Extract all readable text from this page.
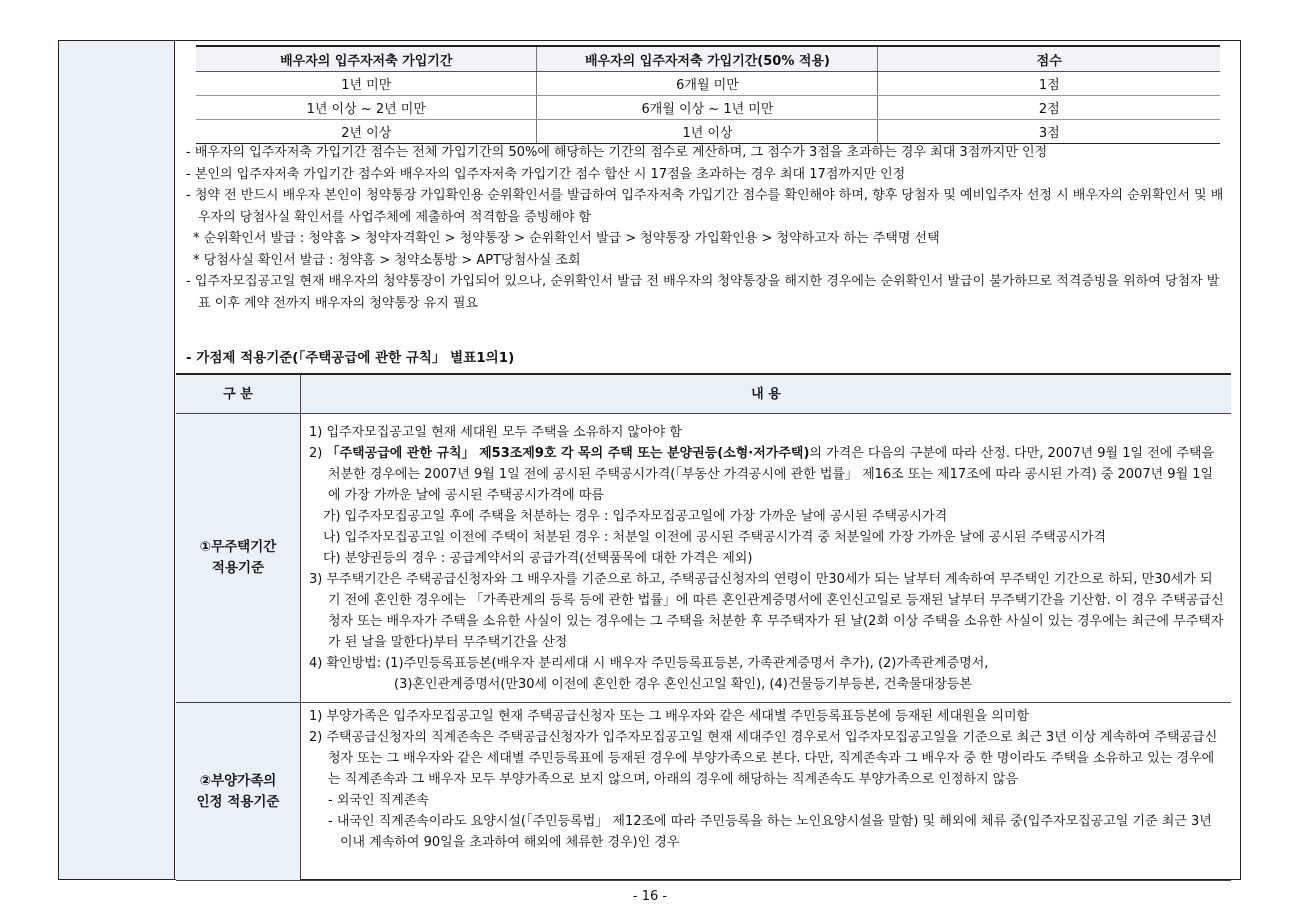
배우자의 입주자저축 가입기간	배우자의 입주자저축 가입기간(50% 적용)	점수
1년 미만	6개월 미만	1점
1년 이상 ~ 2년 미만	6개월 이상 ~ 1년 미만	2점
2년 이상	1년 이상	3점
- 배우자의 입주자저축 가입기간 점수는 전체 가입기간의 50%에 해당하는 기간의 점수로 계산하며, 그 점수가 3점을 초과하는 경우 최대 3점까지만 인정
- 본인의 입주자저축 가입기간 점수와 배우자의 입주자저축 가입기간 점수 합산 시 17점을 초과하는 경우 최대 17점까지만 인정
- 청약 전 반드시 배우자 본인이 청약통장 가입확인용 순위확인서를 발급하여 입주자저축 가입기간 점수를 확인해야 하며, 향후 당첨자 및 예비입주자 선정 시 배우자의 순위확인서 및 배우자의 당첨사실 확인서를 사업주체에 제출하여 적격함을 증빙해야 함
* 순위확인서 발급 : 청약홈 > 청약자격확인 > 청약통장 > 순위확인서 발급 > 청약통장 가입확인용 > 청약하고자 하는 주택명 선택
* 당첨사실 확인서 발급 : 청약홈 > 청약소통방 > APT당첨사실 조회
- 입주자모집공고일 현재 배우자의 청약통장이 가입되어 있으나, 순위확인서 발급 전 배우자의 청약통장을 해지한 경우에는 순위확인서 발급이 불가하므로 적격증빙을 위하여 당첨자 발표 이후 계약 전까지 배우자의 청약통장 유지 필요
- 가점제 적용기준(「주택공급에 관한 규칙」 별표1의1)
구 분	내 용
①무주택기간 적용기준

1) 입주자모집공고일 현재 세대원 모두 주택을 소유하지 않아야 함

2) 「주택공급에 관한 규칙」 제53조제9호 각 목의 주택 또는 분양권등(소형·저가주택)의 가격은 다음의 구분에 따라 산정. 다만, 2007년 9월 1일 전에 주택을 처분한 경우에는 2007년 9월 1일 전에 공시된 주택공시가격(「부동산 가격공시에 관한 법률」 제16조 또는 제17조에 따라 공시된 가격) 중 2007년 9월 1일에 가장 가까운 날에 공시된 주택공시가격에 따름

가) 입주자모집공고일 후에 주택을 처분하는 경우 : 입주자모집공고일에 가장 가까운 날에 공시된 주택공시가격

나) 입주자모집공고일 이전에 주택이 처분된 경우 : 처분일 이전에 공시된 주택공시가격 중 처분일에 가장 가까운 날에 공시된 주택공시가격

다) 분양권등의 경우 : 공급계약서의 공급가격(선택품목에 대한 가격은 제외)

3) 무주택기간은 주택공급신청자와 그 배우자를 기준으로 하고, 주택공급신청자의 연령이 만30세가 되는 날부터 계속하여 무주택인 기간으로 하되, 만30세가 되기 전에 혼인한 경우에는 「가족관계의 등록 등에 관한 법률」에 따른 혼인관계증명서에 혼인신고일로 등재된 날부터 무주택기간을 기산함. 이 경우 주택공급신청자 또는 배우자가 주택을 소유한 사실이 있는 경우에는 그 주택을 처분한 후 무주택자가 된 날(2회 이상 주택을 소유한 사실이 있는 경우에는 최근에 무주택자가 된 날을 말한다)부터 무주택기간을 산정

4) 확인방법: (1)주민등록표등본(배우자 분리세대 시 배우자 주민등록표등본, 가족관계증명서 추가), (2)가족관계증명서,

(3)혼인관계증명서(만30세 이전에 혼인한 경우 혼인신고일 확인), (4)건물등기부등본, 건축물대장등본

②부양가족의 인정 적용기준

1) 부양가족은 입주자모집공고일 현재 주택공급신청자 또는 그 배우자와 같은 세대별 주민등록표등본에 등재된 세대원을 의미함

2) 주택공급신청자의 직계존속은 주택공급신청자가 입주자모집공고일 현재 세대주인 경우로서 입주자모집공고일을 기준으로 최근 3년 이상 계속하여 주택공급신청자 또는 그 배우자와 같은 세대별 주민등록표에 등재된 경우에 부양가족으로 본다. 다만, 직계존속과 그 배우자 중 한 명이라도 주택을 소유하고 있는 경우에는 직계존속과 그 배우자 모두 부양가족으로 보지 않으며, 아래의 경우에 해당하는 직계존속도 부양가족으로 인정하지 않음

- 외국인 직계존속

- 내국인 직계존속이라도 요양시설(「주민등록법」 제12조에 따라 주민등록을 하는 노인요양시설을 말함) 및 해외에 체류 중(입주자모집공고일 기준 최근 3년 이내 계속하여 90일을 초과하여 해외에 체류한 경우)인 경우

- 16 -
